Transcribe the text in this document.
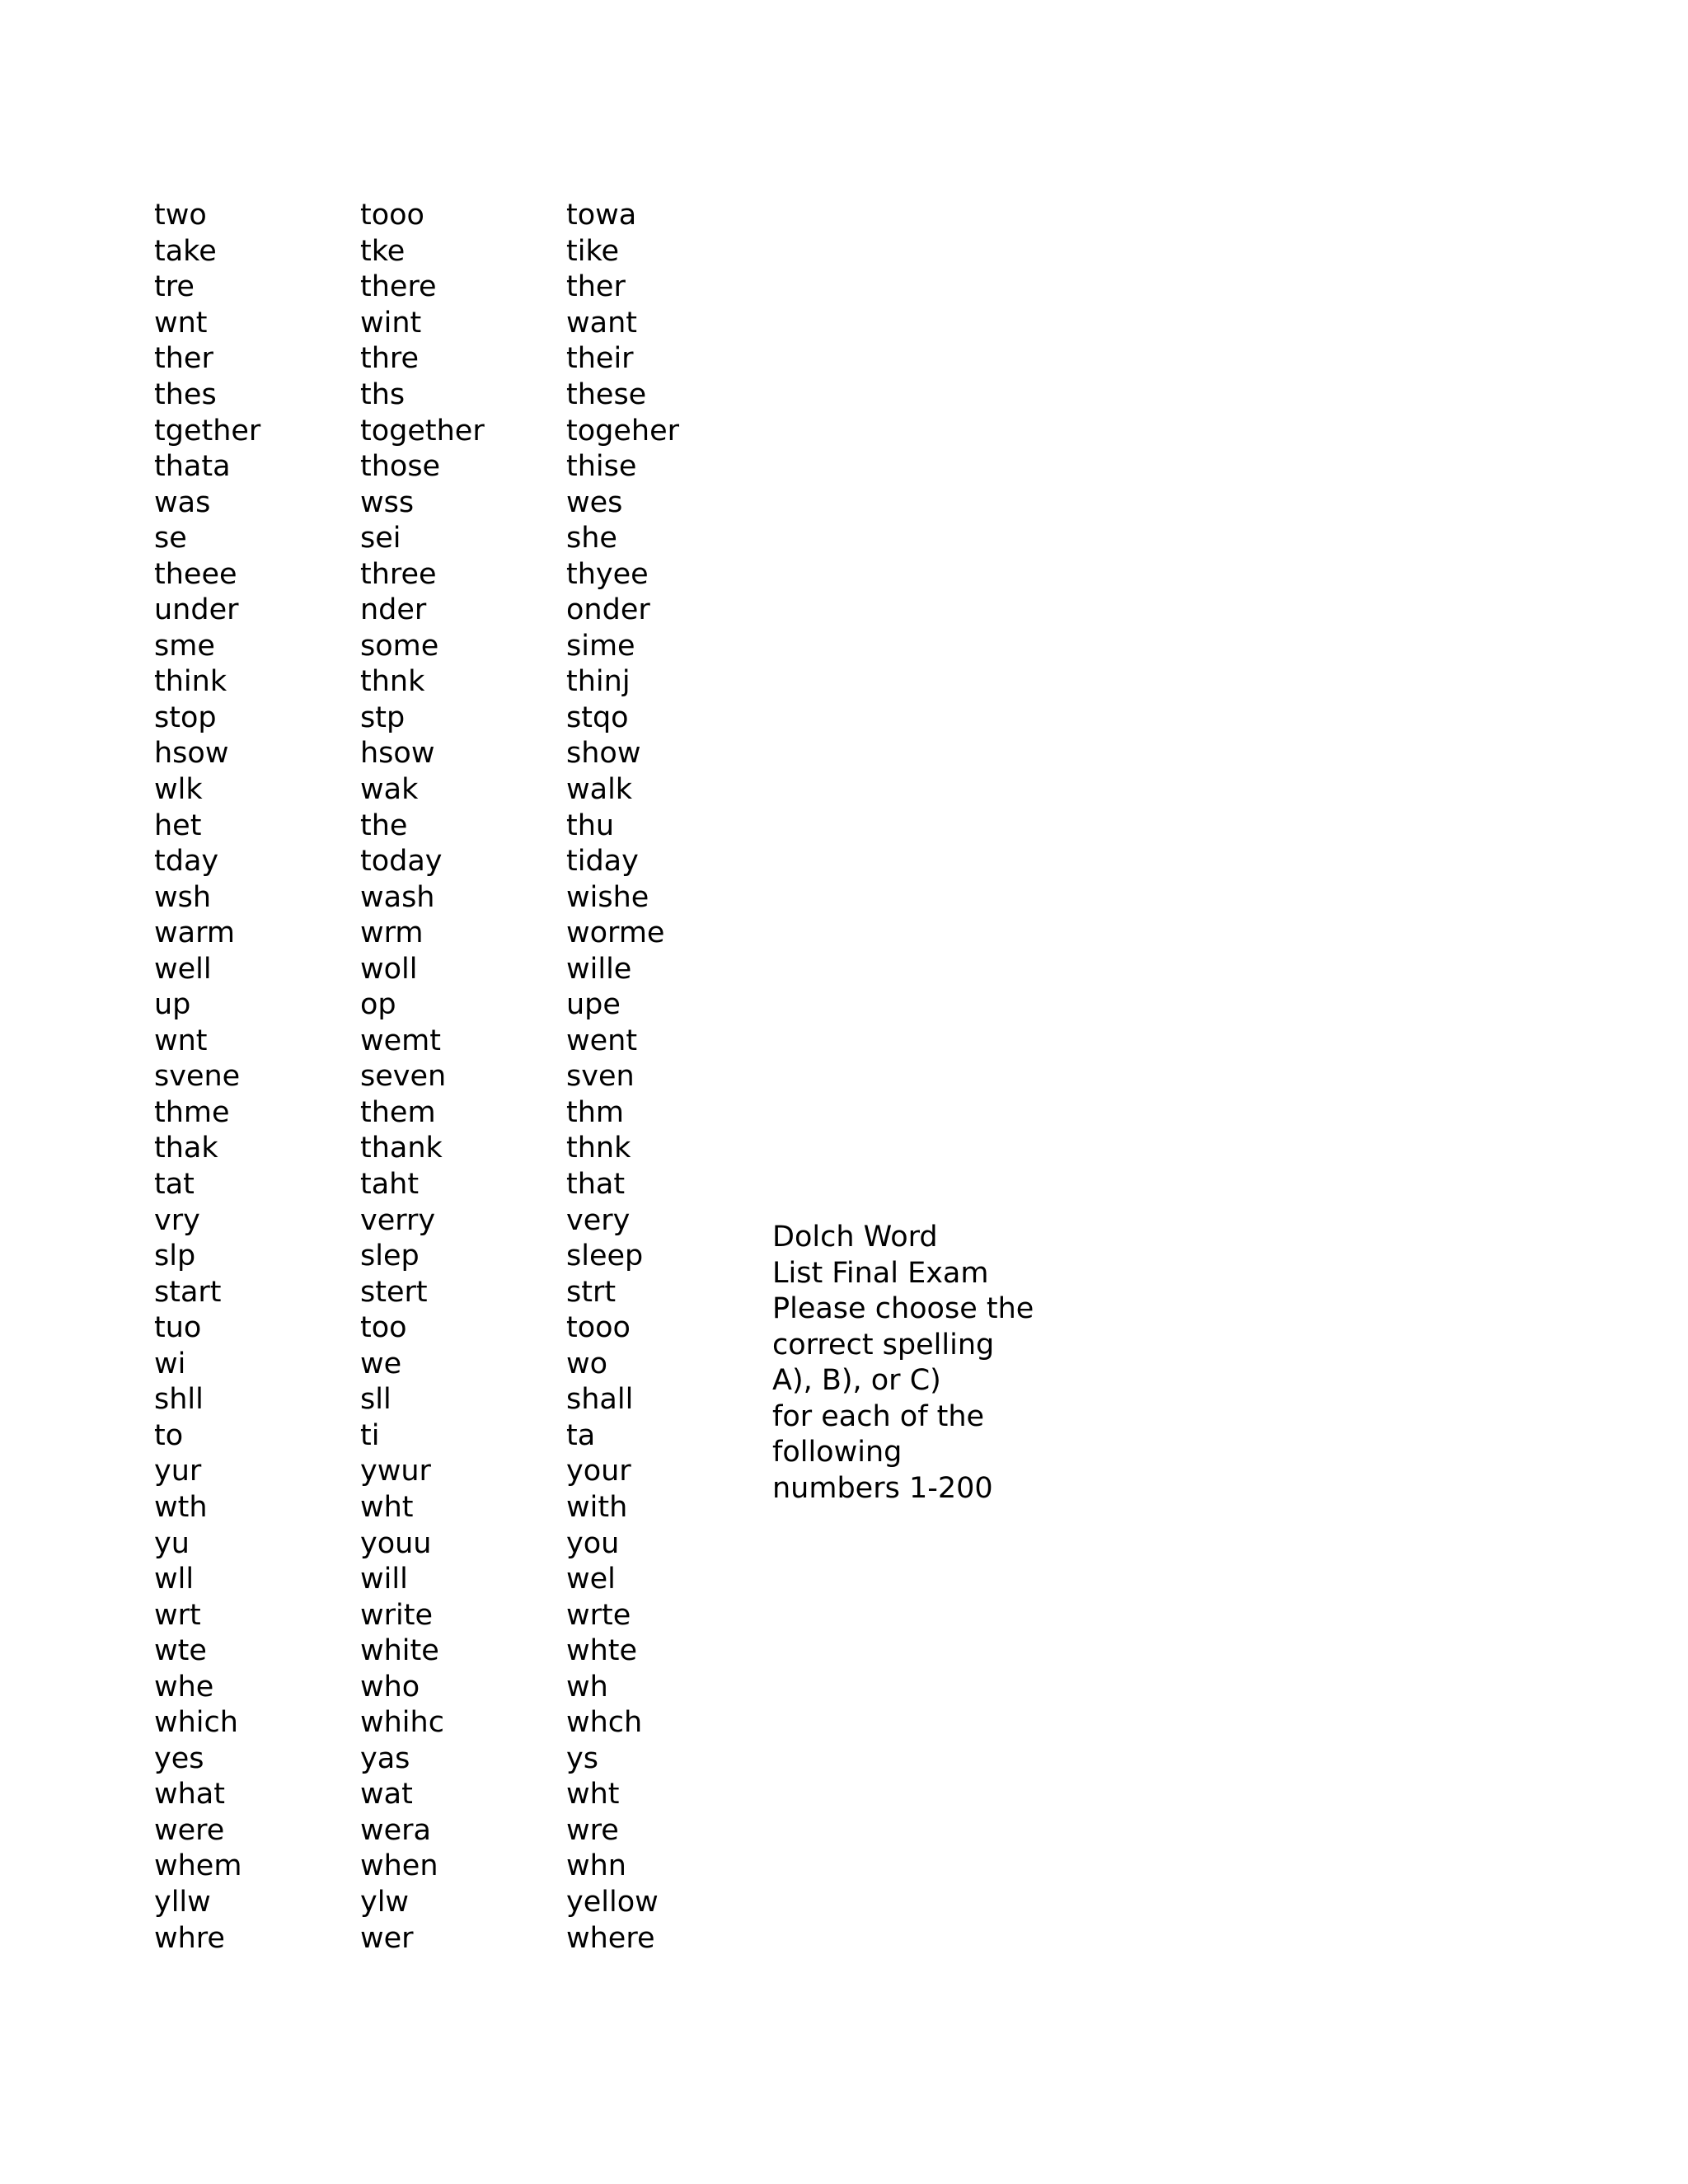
two	tooo	towa
take	tke	tike
tre	there	ther
wnt	wint	want
ther	thre	their
thes	ths	these
tgether	together	togeher
thata	those	thise
was	wss	wes
se	sei	she
theee	three	thyee
under	nder	onder
sme	some	sime
think	thnk	thinj
stop	stp	stqo
hsow	hsow	show
wlk	wak	walk
het	the	thu
tday	today	tiday
wsh	wash	wishe
warm	wrm	worme
well	woll	wille
up	op	upe
wnt	wemt	went
svene	seven	sven
thme	them	thm
thak	thank	thnk
tat	taht	that
vry	verry	very
slp	slep	sleep
start	stert	strt
tuo	too	tooo
wi	we	wo
shll	sll	shall
to	ti	ta
yur	ywur	your
wth	wht	with
yu	youu	you
wll	will	wel
wrt	write	wrte
wte	white	whte
whe	who	wh
which	whihc	whch
yes	yas	ys
what	wat	wht
were	wera	wre
whem	when	whn
yllw	ylw	yellow
whre	wer	where
Dolch Word
List Final Exam
Please choose the
correct spelling
A), B), or C)
for each of the
following
numbers 1-200
